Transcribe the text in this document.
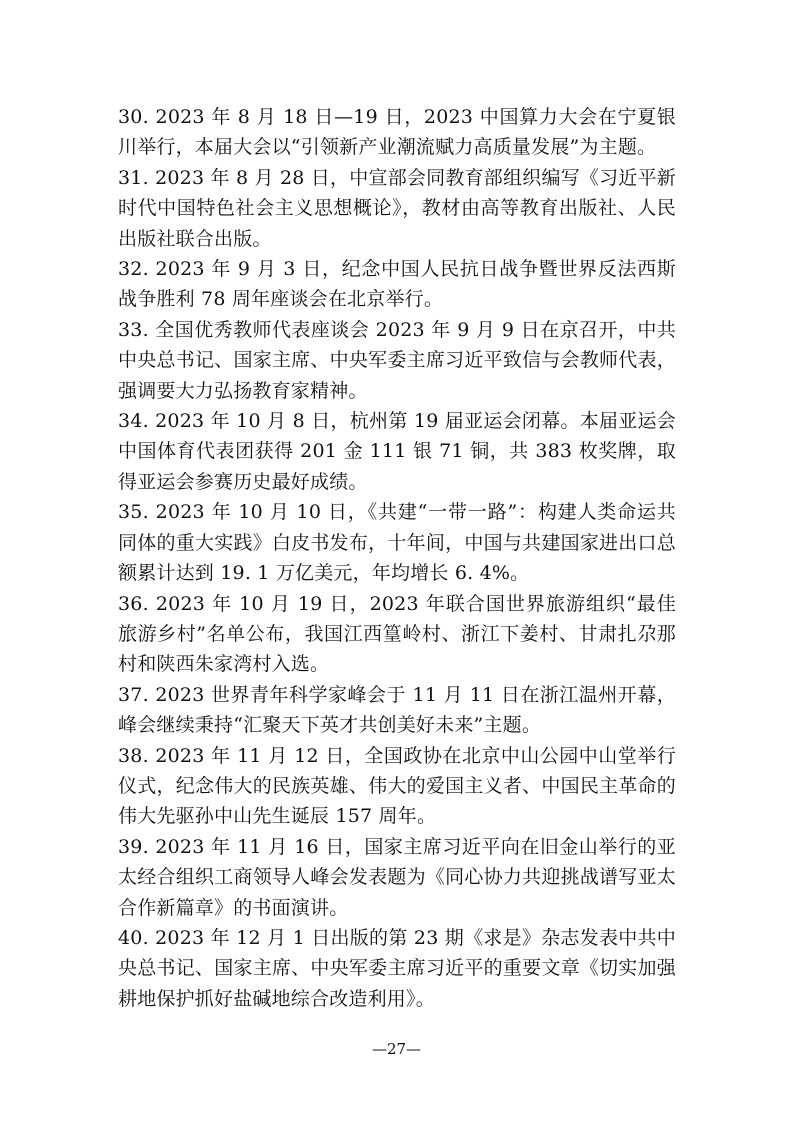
30. 2023 年 8 月 18 日—19 日，2023 中国算力大会在宁夏银川举行，本届大会以“引领新产业潮流赋力高质量发展”为主题。

31. 2023 年 8 月 28 日，中宣部会同教育部组织编写《习近平新时代中国特色社会主义思想概论》，教材由高等教育出版社、人民出版社联合出版。

32. 2023 年 9 月 3 日，纪念中国人民抗日战争暨世界反法西斯战争胜利 78 周年座谈会在北京举行。

33. 全国优秀教师代表座谈会 2023 年 9 月 9 日在京召开，中共中央总书记、国家主席、中央军委主席习近平致信与会教师代表，强调要大力弘扬教育家精神。

34. 2023 年 10 月 8 日，杭州第 19 届亚运会闭幕。本届亚运会中国体育代表团获得 201 金 111 银 71 铜，共 383 枚奖牌，取得亚运会参赛历史最好成绩。

35. 2023 年 10 月 10 日，《共建“一带一路”：构建人类命运共同体的重大实践》白皮书发布，十年间，中国与共建国家进出口总额累计达到 19. 1 万亿美元，年均增长 6. 4%。

36. 2023 年 10 月 19 日，2023 年联合国世界旅游组织“最佳旅游乡村”名单公布，我国江西篁岭村、浙江下姜村、甘肃扎尕那村和陕西朱家湾村入选。

37. 2023 世界青年科学家峰会于 11 月 11 日在浙江温州开幕，峰会继续秉持“汇聚天下英才共创美好未来”主题。

38. 2023 年 11 月 12 日，全国政协在北京中山公园中山堂举行仪式，纪念伟大的民族英雄、伟大的爱国主义者、中国民主革命的伟大先驱孙中山先生诞辰 157 周年。

39. 2023 年 11 月 16 日，国家主席习近平向在旧金山举行的亚太经合组织工商领导人峰会发表题为《同心协力共迎挑战谱写亚太合作新篇章》的书面演讲。

40. 2023 年 12 月 1 日出版的第 23 期《求是》杂志发表中共中央总书记、国家主席、中央军委主席习近平的重要文章《切实加强耕地保护抓好盐碱地综合改造利用》。

—27—
